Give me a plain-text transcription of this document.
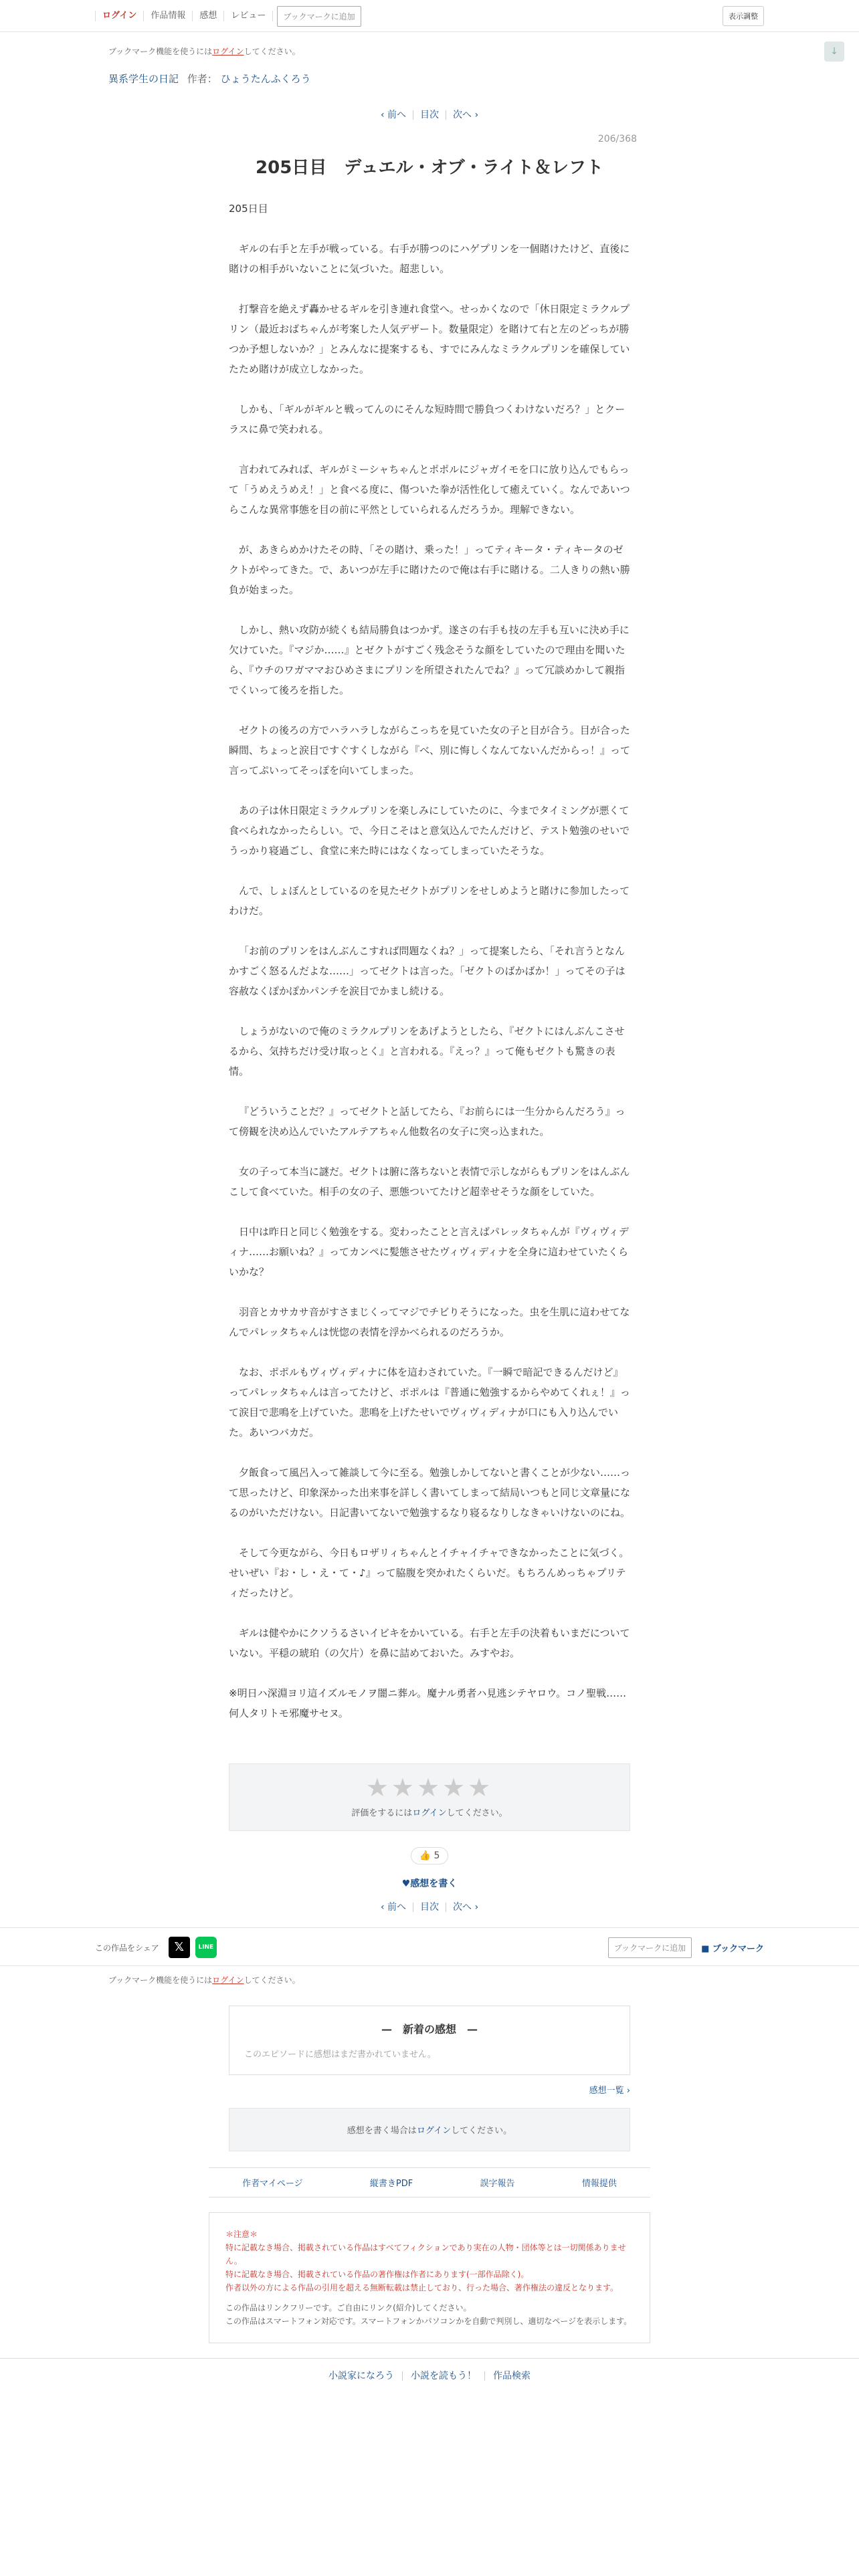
ログイン	作品情報	感想	レビュー	ブックマークに追加	表示調整
↓
ブックマーク機能を使うにはログインしてください。
異系学生の日記 作者： ひょうたんふくろう
‹ 前へ 目次 次へ ›
206/368
205日目　デュエル・オブ・ライト＆レフト

205日目

ギルの右手と左手が戦っている。右手が勝つのにハゲプリンを一個賭けたけど、直後に賭けの相手がいないことに気づいた。超悲しい。

打撃音を絶えず轟かせるギルを引き連れ食堂へ。せっかくなので「休日限定ミラクルプリン（最近おばちゃんが考案した人気デザート。数量限定）を賭けて右と左のどっちが勝つか予想しないか？」とみんなに提案するも、すでにみんなミラクルプリンを確保していたため賭けが成立しなかった。

しかも、「ギルがギルと戦ってんのにそんな短時間で勝負つくわけないだろ？」とクーラスに鼻で笑われる。

言われてみれば、ギルがミーシャちゃんとポポルにジャガイモを口に放り込んでもらって「うめえうめえ！」と食べる度に、傷ついた拳が活性化して癒えていく。なんであいつらこんな異常事態を目の前に平然としていられるんだろうか。理解できない。

が、あきらめかけたその時、「その賭け、乗った！」ってティキータ・ティキータのゼクトがやってきた。で、あいつが左手に賭けたので俺は右手に賭ける。二人きりの熱い勝負が始まった。

しかし、熱い攻防が続くも結局勝負はつかず。遂さの右手も技の左手も互いに決め手に欠けていた。『マジか……』とゼクトがすごく残念そうな顔をしていたので理由を聞いたら、『ウチのワガママおひめさまにプリンを所望されたんでね？』って冗談めかして親指でくいって後ろを指した。

ゼクトの後ろの方でハラハラしながらこっちを見ていた女の子と目が合う。目が合った瞬間、ちょっと涙目ですぐすくしながら『べ、別に悔しくなんてないんだからっ！』って言ってぷいってそっぽを向いてしまった。

あの子は休日限定ミラクルプリンを楽しみにしていたのに、今までタイミングが悪くて食べられなかったらしい。で、今日こそはと意気込んでたんだけど、テスト勉強のせいでうっかり寝過ごし、食堂に来た時にはなくなってしまっていたそうな。

んで、しょぼんとしているのを見たゼクトがプリンをせしめようと賭けに参加したってわけだ。

「お前のプリンをはんぶんこすれば問題なくね？」って提案したら、「それ言うとなんかすごく怒るんだよな……」ってゼクトは言った。「ゼクトのばかばか！」ってその子は容赦なくぽかぽかパンチを涙目でかまし続ける。

しょうがないので俺のミラクルプリンをあげようとしたら、『ゼクトにはんぶんこさせるから、気持ちだけ受け取っとく』と言われる。『えっ？』って俺もゼクトも驚きの表情。

『どういうことだ？』ってゼクトと話してたら、『お前らには一生分からんだろう』って傍観を決め込んでいたアルテアちゃん他数名の女子に突っ込まれた。

女の子って本当に謎だ。ゼクトは腑に落ちないと表情で示しながらもプリンをはんぶんこして食べていた。相手の女の子、悪態ついてたけど超幸せそうな顔をしていた。

日中は昨日と同じく勉強をする。変わったことと言えばパレッタちゃんが『ヴィヴィディナ……お願いね？』ってカンペに髪態させたヴィヴィディナを全身に這わせていたくらいかな？

羽音とカサカサ音がすさまじくってマジでチビりそうになった。虫を生肌に這わせてなんでパレッタちゃんは恍惚の表情を浮かべられるのだろうか。

なお、ポポルもヴィヴィディナに体を這わされていた。『一瞬で暗記できるんだけど』ってパレッタちゃんは言ってたけど、ポポルは『普通に勉強するからやめてくれぇ！』って涙目で悲鳴を上げていた。悲鳴を上げたせいでヴィヴィディナが口にも入り込んでいた。あいつバカだ。

夕飯食って風呂入って雑談して今に至る。勉強しかしてないと書くことが少ない……って思ったけど、印象深かった出来事を詳しく書いてしまって結局いつもと同じ文章量になるのがいただけない。日記書いてないで勉強するなり寝るなりしなきゃいけないのにね。

そして今更ながら、今日もロザリィちゃんとイチャイチャできなかったことに気づく。せいぜい『お・し・え・て・♪』って脇腹を突かれたくらいだ。もちろんめっちゃプリティだったけど。

ギルは健やかにクソうるさいイビキをかいている。右手と左手の決着もいまだについていない。平穏の琥珀（の欠片）を鼻に詰めておいた。みすやお。

※明日ハ深淵ヨリ這イズルモノヲ闇ニ葬ル。魔ナル勇者ハ見逃シテヤロウ。コノ聖戦……何人タリトモ邪魔サセヌ。

★★★★★
評価をするにはログインしてください。
👍 5
♥感想を書く
‹ 前へ 目次 次へ ›
この作品をシェア	𝕏	LINE	ブックマークに追加	■ ブックマーク
ブックマーク機能を使うにはログインしてください。
—　新着の感想　—

このエピソードに感想はまだ書かれていません。

感想一覧 ›
感想を書く場合はログインしてください。
作者マイページ	縦書きPDF	誤字報告	情報提供
＊注意＊
特に記載なき場合、掲載されている作品はすべてフィクションであり実在の人物・団体等とは一切関係ありません。
特に記載なき場合、掲載されている作品の著作権は作者にあります(一部作品除く)。
作者以外の方による作品の引用を超える無断転載は禁止しており、行った場合、著作権法の違反となります。
この作品はリンクフリーです。ご自由にリンク(紹介)してください。
この作品はスマートフォン対応です。スマートフォンかパソコンかを自動で判別し、適切なページを表示します。
小説家になろう 小説を読もう！ 作品検索
